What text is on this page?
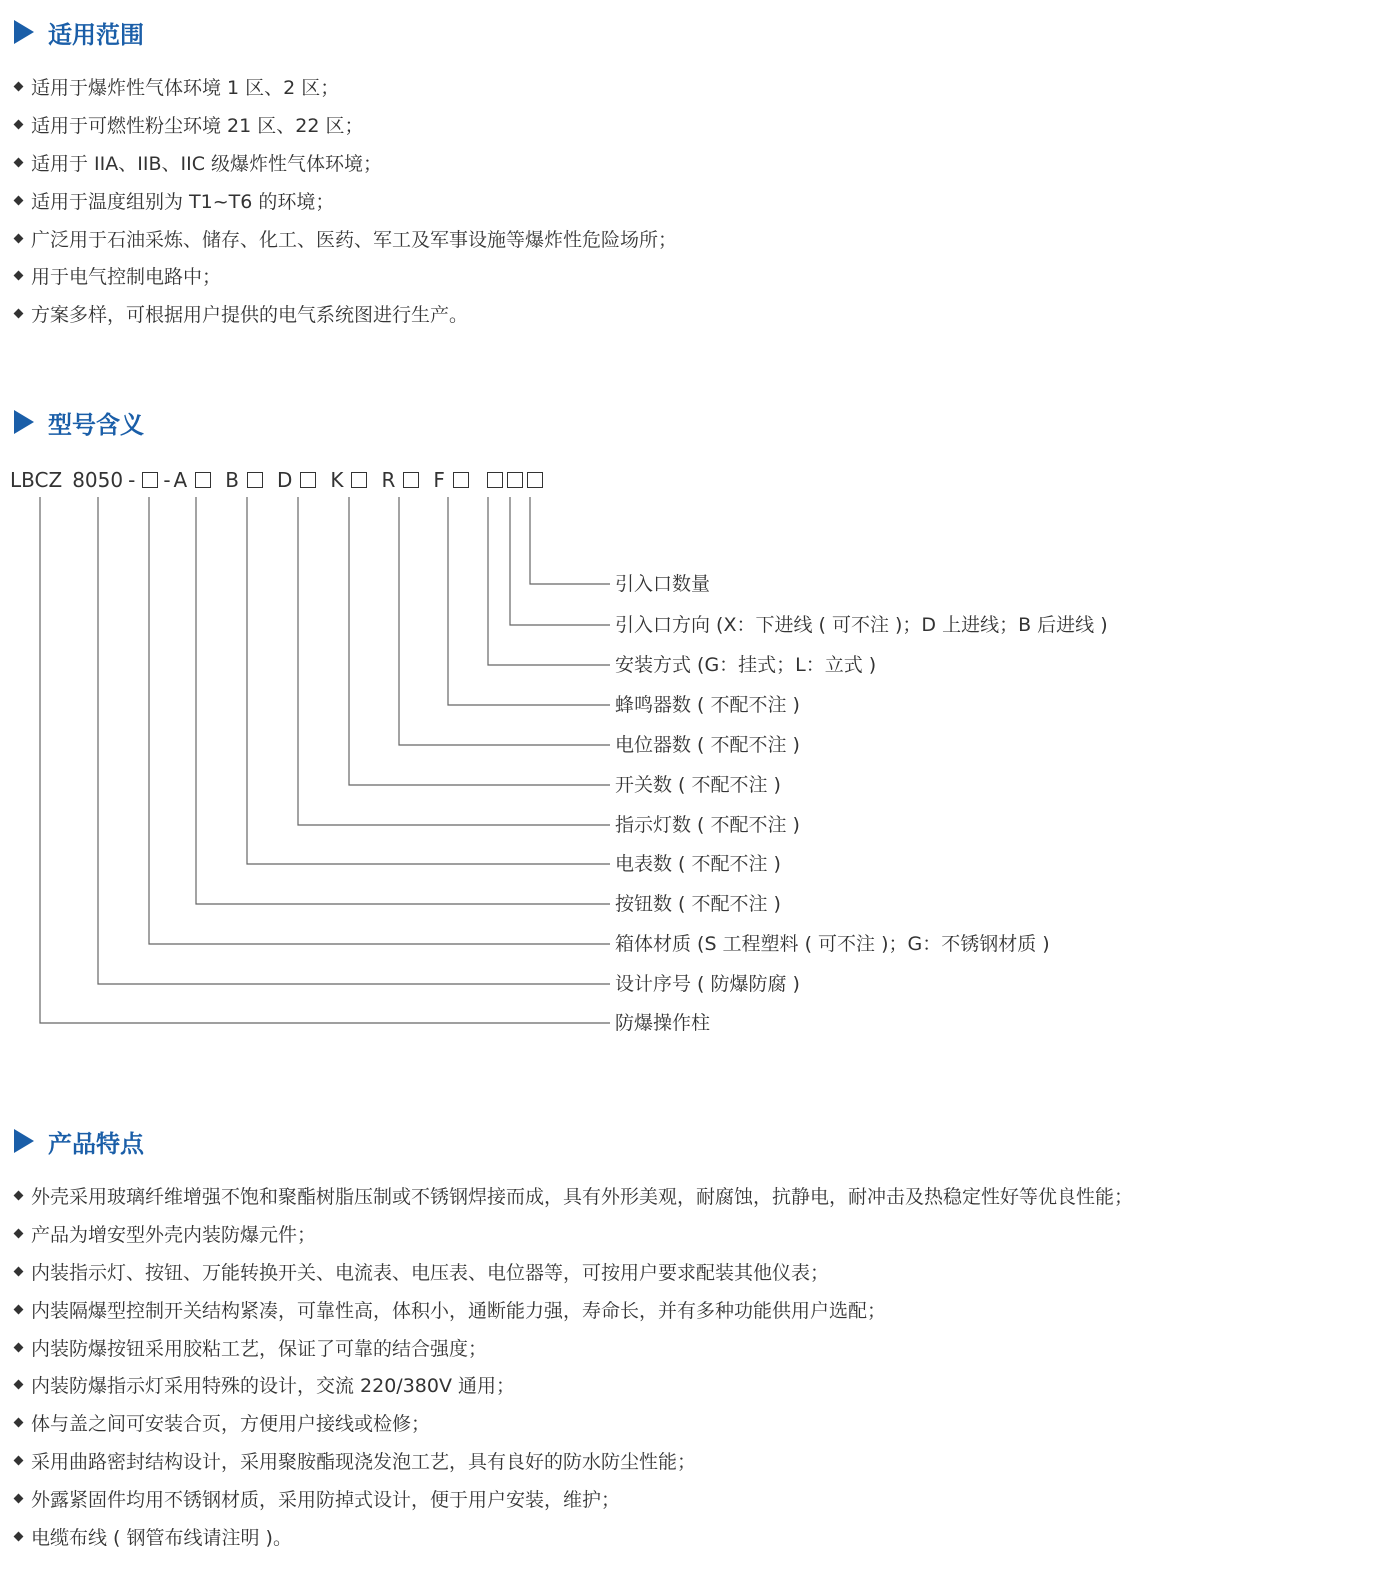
适用范围
适用于爆炸性气体环境 1 区、2 区；
适用于可燃性粉尘环境 21 区、22 区；
适用于 IIA、IIB、IIC 级爆炸性气体环境；
适用于温度组别为 T1~T6 的环境；
广泛用于石油采炼、储存、化工、医药、军工及军事设施等爆炸性危险场所；
用于电气控制电路中；
方案多样，可根据用户提供的电气系统图进行生产。
型号含义
LBCZ 8050 - - A B D K R F
引入口数量
引入口方向 (X：下进线 ( 可不注 )；D 上进线；B 后进线 )
安装方式 (G：挂式；L：立式 )
蜂鸣器数 ( 不配不注 )
电位器数 ( 不配不注 )
开关数 ( 不配不注 )
指示灯数 ( 不配不注 )
电表数 ( 不配不注 )
按钮数 ( 不配不注 )
箱体材质 (S 工程塑料 ( 可不注 )；G：不锈钢材质 )
设计序号 ( 防爆防腐 )
防爆操作柱
产品特点
外壳采用玻璃纤维增强不饱和聚酯树脂压制或不锈钢焊接而成，具有外形美观，耐腐蚀，抗静电，耐冲击及热稳定性好等优良性能；
产品为增安型外壳内装防爆元件；
内装指示灯、按钮、万能转换开关、电流表、电压表、电位器等，可按用户要求配装其他仪表；
内装隔爆型控制开关结构紧凑，可靠性高，体积小，通断能力强，寿命长，并有多种功能供用户选配；
内装防爆按钮采用胶粘工艺，保证了可靠的结合强度；
内装防爆指示灯采用特殊的设计，交流 220/380V 通用；
体与盖之间可安装合页，方便用户接线或检修；
采用曲路密封结构设计，采用聚胺酯现浇发泡工艺，具有良好的防水防尘性能；
外露紧固件均用不锈钢材质，采用防掉式设计，便于用户安装，维护；
电缆布线 ( 钢管布线请注明 )。
